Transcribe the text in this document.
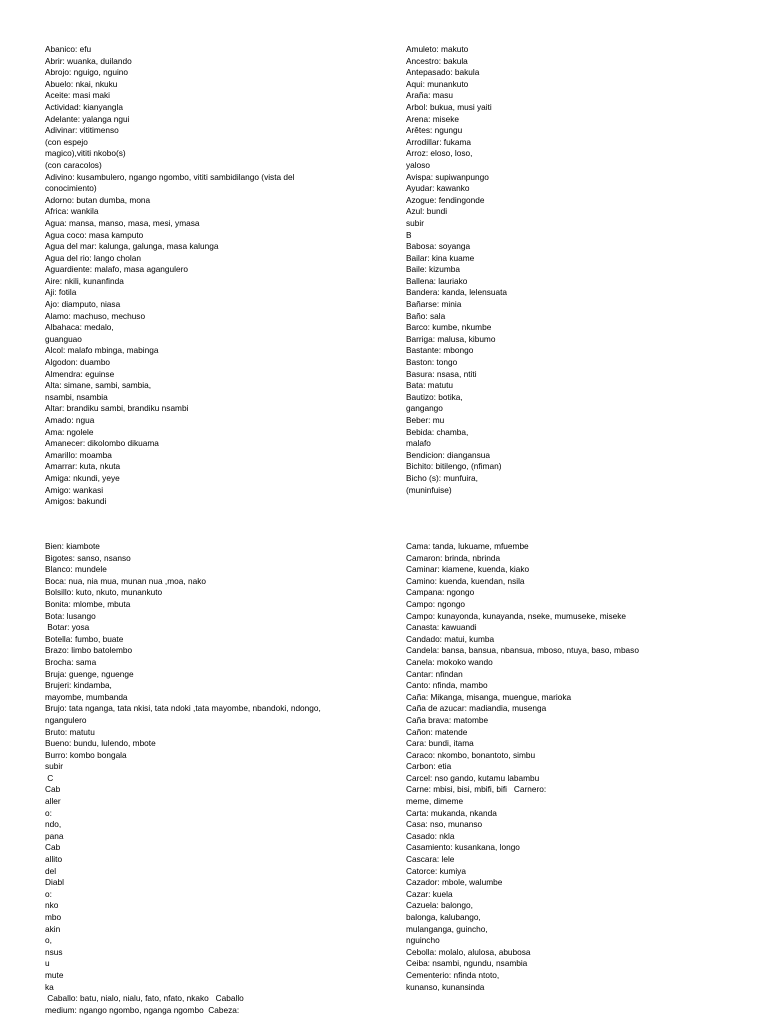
Abanico: efu
Abrir: wuanka, duilando
Abrojo: nguigo, nguino
Abuelo: nkai, nkuku
Aceite: masi maki
Actividad: kianyangla
Adelante: yalanga ngui
Adivinar: vititimenso
(con espejo
magico),vititi nkobo(s)
(con caracolos)
Adivino: kusambulero, ngango ngombo, vititi sambidilango (vista del
conocimiento)
Adorno: butan dumba, mona
Africa: wankila
Agua: mansa, manso, masa, mesi, ymasa
Agua coco: masa kamputo
Agua del mar: kalunga, galunga, masa kalunga
Agua del rio: lango cholan
Aguardiente: malafo, masa agangulero
Aire: nkili, kunanfinda
Aji: fotila
Ajo: diamputo, niasa
Alamo: machuso, mechuso
Albahaca: medalo,
guanguao
Alcol: malafo mbinga, mabinga
Algodon: duambo
Almendra: eguinse
Alta: simane, sambi, sambia,
nsambi, nsambia
Altar: brandiku sambi, brandiku nsambi
Amado: ngua
Ama: ngolele
Amanecer: dikolombo dikuama
Amarillo: moamba
Amarrar: kuta, nkuta
Amiga: nkundi, yeye
Amigo: wankasi
Amigos: bakundi
Amuleto: makuto
Ancestro: bakula
Antepasado: bakula
Aqui: munankuto
Araña: masu
Arbol: bukua, musi yaiti
Arena: miseke
Arêtes: ngungu
Arrodillar: fukama
Arroz: eloso, loso,
yaloso
Avispa: supiwanpungo
Ayudar: kawanko
Azogue: fendingonde
Azul: bundi
subir
B
Babosa: soyanga
Bailar: kina kuame
Baile: kizumba
Ballena: lauriako
Bandera: kanda, lelensuata
Bañarse: minia
Baño: sala
Barco: kumbe, nkumbe
Barriga: malusa, kibumo
Bastante: mbongo
Baston: tongo
Basura: nsasa, ntiti
Bata: matutu
Bautizo: botika,
gangango
Beber: mu
Bebida: chamba,
malafo
Bendicion: diangansua
Bichito: bitilengo, (nfiman)
Bicho (s): munfuira,
(muninfuise)
Bien: kiambote
Bigotes: sanso, nsanso
Blanco: mundele
Boca: nua, nia mua, munan nua ,moa, nako
Bolsillo: kuto, nkuto, munankuto
Bonita: mlombe, mbuta
Bota: lusango
Botar: yosa
Botella: fumbo, buate
Brazo: limbo batolembo
Brocha: sama
Bruja: guenge, nguenge
Brujeri: kindamba,
mayombe, mumbanda
Brujo: tata nganga, tata nkisi, tata ndoki ,tata mayombe, nbandoki, ndongo,
ngangulero
Bruto: matutu
Bueno: bundu, lulendo, mbote
Burro: kombo bongala
subir
C
Cab
aller
o:
ndo,
pana
Cab
allito
del
Diabl
o:
nko
mbo
akin
o,
nsus
u
mute
ka
Caballo: batu, nialo, nialu, fato, nfato, nkako   Caballo
medium: ngango ngombo, nganga ngombo  Cabeza:
Cama: tanda, lukuame, mfuembe
Camaron: brinda, nbrinda
Caminar: kiamene, kuenda, kiako
Camino: kuenda, kuendan, nsila
Campana: ngongo
Campo: ngongo
Campo: kunayonda, kunayanda, nseke, mumuseke, miseke
Canasta: kawuandi
Candado: matui, kumba
Candela: bansa, bansua, nbansua, mboso, ntuya, baso, mbaso
Canela: mokoko wando
Cantar: nfindan
Canto: nfinda, mambo
Caña: Mikanga, misanga, muengue, marioka
Caña de azucar: madiandia, musenga
Caña brava: matombe
Cañon: matende
Cara: bundi, itama
Caraco: nkombo, bonantoto, simbu
Carbon: etia
Carcel: nso gando, kutamu labambu
Carne: mbisi, bisi, mbifi, bifi   Carnero:
meme, dimeme
Carta: mukanda, nkanda
Casa: nso, munanso
Casado: nkla
Casamiento: kusankana, longo
Cascara: lele
Catorce: kumiya
Cazador: mbole, walumbe
Cazar: kuela
Cazuela: balongo,
balonga, kalubango,
mulanganga, guincho,
nguincho
Cebolla: molalo, alulosa, abubosa
Ceiba: nsambi, ngundu, nsambia
Cementerio: nfinda ntoto,
kunanso, kunansinda
